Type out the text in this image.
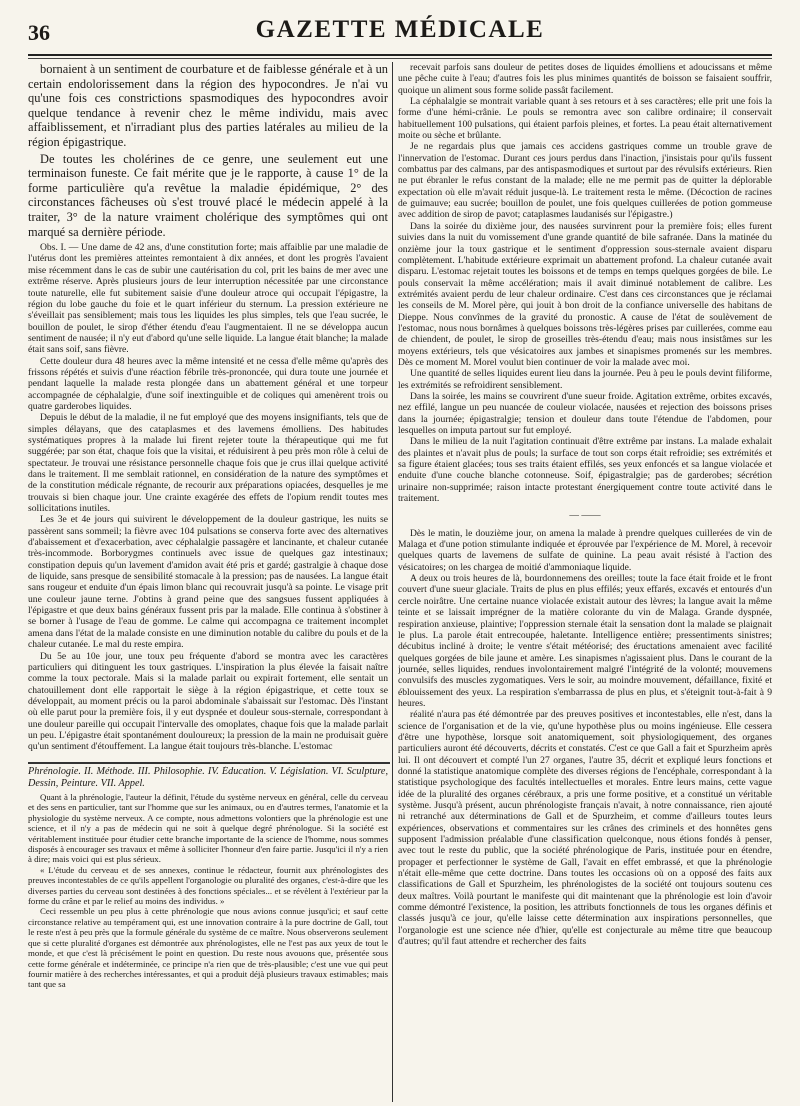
36	GAZETTE MÉDICALE

bornaient à un sentiment de courbature et de faiblesse générale et à un certain endolorissement dans la région des hypocondres. Je n'ai vu qu'une fois ces constrictions spasmodiques des hypocondres avoir quelque tendance à revenir chez le même individu, mais avec affaiblissement, et n'irradiant plus des parties latérales au milieu de la région épigastrique.

De toutes les cholérines de ce genre, une seulement eut une terminaison funeste. Ce fait mérite que je le rapporte, à cause 1° de la forme particulière qu'a revêtue la maladie épidémique, 2° des circonstances fâcheuses où s'est trouvé placé le médecin appelé à la traiter, 3° de la nature vraiment cholérique des symptômes qui ont marqué sa dernière période.

Obs. I. — Une dame de 42 ans, d'une constitution forte; mais affaiblie par une maladie de l'utérus dont les premières atteintes remontaient à dix années, et dont les progrès l'avaient mise récemment dans le cas de subir une cautérisation du col, prit les bains de mer avec une extrême réserve. Après plusieurs jours de leur interruption nécessitée par une circonstance toute naturelle, elle fut subitement saisie d'une douleur atroce qui occupait l'épigastre, la région du lobe gauche du foie et le quart inférieur du sternum. La pression extérieure ne s'éveillait pas sensiblement; mais tous les liquides les plus simples, tels que l'eau sucrée, le bouillon de poulet, le sirop d'éther étendu d'eau l'augmentaient. Il ne se développa aucun sentiment de nausée; il n'y eut d'abord qu'une selle liquide. La langue était blanche; la malade était sans soif, sans fièvre.

Cette douleur dura 48 heures avec la même intensité et ne cessa d'elle même qu'après des frissons répétés et suivis d'une réaction fébrile très-prononcée, qui dura toute une journée et pendant laquelle la malade resta plongée dans un abattement général et une torpeur accompagnée de céphalalgie, d'une soif inextinguible et de coliques qui amenèrent trois ou quatre garderobes liquides.

Depuis le début de la maladie, il ne fut employé que des moyens insignifiants, tels que de simples délayans, que des cataplasmes et des lavemens émolliens. Des habitudes systématiques propres à la malade lui firent rejeter toute la thérapeutique qui me fut suggérée; par son état, chaque fois que la visitai, et réduisirent à peu près mon rôle à celui de spectateur. Je trouvai une résistance personnelle chaque fois que je crus illai quelque activité dans le traitement. Il me semblait rationnel, en considération de la nature des symptômes et de la constitution médicale régnante, de recourir aux préparations opiacées, desquelles je me trouvais si bien chaque jour. Une crainte exagérée des effets de l'opium rendit toutes mes sollicitations inutiles.

Les 3e et 4e jours qui suivirent le développement de la douleur gastrique, les nuits se passèrent sans sommeil; la fièvre avec 104 pulsations se conserva forte avec des alternatives d'abaissement et d'exacerbation, avec céphalalgie passagère et lancinante, et chaleur cutanée très-incommode. Borborygmes continuels avec issue de quelques gaz intestinaux; constipation depuis qu'un lavement d'amidon avait été pris et gardé; gastralgie à chaque dose de liquide, sans presque de sensibilité stomacale à la pression; pas de nausées. La langue était sans rougeur et enduite d'un épais limon blanc qui recouvrait jusqu'à sa pointe. Le visage prit une couleur jaune terne. J'obtins à grand peine que des sangsues fussent appliquées à l'épigastre et que deux bains généraux fussent pris par la malade. Elle continua à s'obstiner à se borner à l'usage de l'eau de gomme. Le calme qui accompagna ce traitement incomplet amena dans l'état de la malade consiste en une diminution notable du calibre du pouls et de la chaleur cutanée. Le mal du reste empira.

Du 5e au 10e jour, une toux peu fréquente d'abord se montra avec les caractères particuliers qui ditinguent les toux gastriques. L'inspiration la plus élevée la faisait naître comme la toux pectorale. Mais si la malade parlait ou expirait fortement, elle sentait un chatouillement dont elle rapportait le siège à la région épigastrique, et cette toux se développait, au moment précis ou la paroi abdominale s'abaissait sur l'estomac. Dès l'instant où elle parut pour la première fois, il y eut dyspnée et douleur sous-sternale, correspondant à une douleur pareille qui occupait l'intervalle des omoplates, chaque fois que la malade parlait un peu. L'épigastre était spontanément douloureux; la pression de la main ne produisait guère qu'un sentiment d'étouffement. La langue était toujours très-blanche. L'estomac

recevait parfois sans douleur de petites doses de liquides émolliens et adoucissans et même une pêche cuite à l'eau; d'autres fois les plus minimes quantités de boisson se faisaient souffrir, quoique un aliment sous forme solide passât facilement.

La céphalalgie se montrait variable quant à ses retours et à ses caractères; elle prit une fois la forme d'une hémi-crânie. Le pouls se remontra avec son calibre ordinaire; il conservait habituellement 100 pulsations, qui étaient parfois pleines, et fortes. La peau était alternativement moite ou sèche et brûlante.

Je ne regardais plus que jamais ces accidens gastriques comme un trouble grave de l'innervation de l'estomac. Durant ces jours perdus dans l'inaction, j'insistais pour qu'ils fussent combattus par des calmans, par des antispasmodiques et surtout par des révulsifs extérieurs. Rien ne put ébranler le refus constant de la malade; elle ne me permit pas de quitter la déplorable expectation où elle m'avait réduit jusque-là. Le traitement resta le même. (Décoction de racines de guimauve; eau sucrée; bouillon de poulet, une fois quelques cuillerées de potion gommeuse avec addition de sirop de pavot; cataplasmes laudanisés sur l'épigastre.)

Dans la soirée du dixième jour, des nausées survinrent pour la première fois; elles furent suivies dans la nuit du vomissement d'une grande quantité de bile safranée. Dans la matinée du onzième jour la toux gastrique et le sentiment d'oppression sous-sternale avaient disparu complètement. L'habitude extérieure exprimait un abattement profond. La chaleur cutanée avait disparu. L'estomac rejetait toutes les boissons et de temps en temps quelques gorgées de bile. Le pouls conservait la même accélération; mais il avait diminué notablement de calibre. Les extrémités avaient perdu de leur chaleur ordinaire. C'est dans ces circonstances que je réclamai les conseils de M. Morel père, qui jouit à bon droit de la confiance universelle des habitans de Dieppe. Nous convînmes de la gravité du pronostic. A cause de l'état de soulèvement de l'estomac, nous nous bornâmes à quelques boissons très-légères prises par cuillerées, comme eau de chiendent, de poulet, le sirop de groseilles très-étendu d'eau; mais nous insistâmes sur les moyens extérieurs, tels que vésicatoires aux jambes et sinapismes promenés sur les membres. Dès ce moment M. Morel voulut bien continuer de voir la malade avec moi.

Une quantité de selles liquides eurent lieu dans la journée. Peu à peu le pouls devint filiforme, les extrémités se refroidirent sensiblement.

Dans la soirée, les mains se couvrirent d'une sueur froide. Agitation extrême, orbites excavés, nez effilé, langue un peu nuancée de couleur violacée, nausées et rejection des boissons prises dans la journée; épigastralgie; tension et douleur dans toute l'étendue de l'abdomen, pour lesquelles on imputa partout sur fut employé.

Dans le milieu de la nuit l'agitation continuait d'être extrême par instans. La malade exhalait des plaintes et n'avait plus de pouls; la surface de tout son corps était refroidie; ses extrémités et sa figure étaient glacées; tous ses traits étaient effilés, ses yeux enfoncés et sa langue violacée et enduite d'une couche blanche cotonneuse. Soif, épigastralgie; pas de garderobes; sécrétion urinaire non-supprimée; raison intacte protestant énergiquement contre toute activité dans le traitement.

— ——

Dès le matin, le douzième jour, on amena la malade à prendre quelques cuillerées de vin de Malaga et d'une potion stimulante indiquée et éprouvée par l'expérience de M. Morel, à recevoir quelques quarts de lavemens de sulfate de quinine. La peau avait résisté à l'action des vésicatoires; on les chargea de moitié d'ammoniaque liquide.

A deux ou trois heures de là, bourdonnemens des oreilles; toute la face était froide et le front couvert d'une sueur glaciale. Traits de plus en plus effilés; yeux effarés, excavés et entourés d'un cercle noirâtre. Une certaine nuance violacée existait autour des lèvres; la langue avait la même teinte et se laissait imprégner de la matière colorante du vin de Malaga. Grande dyspnée, respiration anxieuse, plaintive; l'oppression sternale était la sensation dont la malade se plaignait le plus. La parole était entrecoupée, haletante. Intelligence entière; pressentiments sinistres; décubitus incliné à droite; le ventre s'était météorisé; des éructations amenaient avec facilité quelques gorgées de bile jaune et amère. Les sinapismes n'agissaient plus. Dans le courant de la journée, selles liquides, rendues involontairement malgré l'intégrité de la volonté; mouvemens convulsifs des muscles zygomatiques. Vers le soir, au moindre mouvement, défaillance, fixité et éblouissement des yeux. La respiration s'embarrassa de plus en plus, et s'éteignit tout-à-fait à 9 heures.

réalité n'aura pas été démontrée par des preuves positives et incontestables, elle n'est, dans la science de l'organisation et de la vie, qu'une hypothèse plus ou moins ingénieuse. Elle cessera d'être une hypothèse, lorsque soit anatomiquement, soit physiologiquement, des organes particuliers auront été découverts, décrits et constatés. C'est ce que Gall a fait et Spurzheim après lui. Il ont découvert et compté l'un 27 organes, l'autre 35, décrit et expliqué leurs fonctions et donné la statistique anatomique complète des diverses régions de l'encéphale, correspondant à la statistique psychologique des facultés intellectuelles et morales. Entre leurs mains, cette vague idée de la pluralité des organes cérébraux, a pris une forme positive, et a constitué un véritable système. Jusqu'à présent, aucun phrénologiste français n'avait, à notre connaissance, rien ajouté ni retranché aux déterminations de Gall et de Spurzheim, et comme d'ailleurs toutes leurs expériences, observations et commentaires sur les crânes des criminels et des honnêtes gens supposent l'admission préalable d'une classification quelconque, nous étions fondés à penser, avec tout le reste du public, que la société phrénologique de Paris, instituée pour en étendre, propager et perfectionner le système de Gall, l'avait en effet embrassé, et que la phrénologie n'était elle-même que cette doctrine. Dans toutes les occasions où on a opposé des faits aux classifications de Gall et Spurzheim, les phrénologistes de la société ont toujours soutenu ces deux maîtres. Voilà pourtant le manifeste qui dit maintenant que la phrénologie est loin d'avoir comme démontré l'existence, la position, les attributs fonctionnels de tous les organes définis et classés jusqu'à ce jour, qu'elle laisse cette détermination aux inspirations personnelles, que l'organologie est une science née d'hier, qu'elle est conjecturale au même titre que beaucoup d'autres; qu'il faut attendre et rechercher des faits

Phrénologie. II. Méthode. III. Philosophie. IV. Éducation. V. Législation. VI. Sculpture, Dessin, Peinture. VII. Appel.

Quant à la phrénologie, l'auteur la définit, l'étude du système nerveux en général, celle du cerveau et des sens en particulier, tant sur l'homme que sur les animaux, ou en d'autres termes, l'anatomie et la physiologie du système nerveux. A ce compte, nous admettons volontiers que la phrénologie est une science, et il n'y a pas de médecin qui ne soit à quelque degré phrénologue. Si la société est véritablement instituée pour étudier cette branche importante de la science de l'homme, nous sommes disposés à encourager ses travaux et même à solliciter l'honneur d'en faire partie. Jusqu'ici il n'y a rien à dire; mais voici qui est plus sérieux.

« L'étude du cerveau et de ses annexes, continue le rédacteur, fournit aux phrénologistes des preuves incontestables de ce qu'ils appellent l'organologie ou pluralité des organes, c'est-à-dire que les diverses parties du cerveau sont destinées à des fonctions spéciales... et se révèlent à l'extérieur par la forme du crâne et par le relief au moins des individus. »

Ceci ressemble un peu plus à cette phrénologie que nous avions connue jusqu'ici; et sauf cette circonstance relative au tempérament qui, est une innovation contraire à la pure doctrine de Gall, tout le reste n'est à peu près que la formule générale du système de ce maître. Nous observerons seulement que si cette pluralité d'organes est démontrée aux phrénologistes, elle ne l'est pas aux yeux de tout le monde, et que c'est là précisément le point en question. Du reste nous avouons que, présentée sous cette forme générale et indéterminée, ce principe n'a rien que de très-plausible; c'est une vue qui peut fournir matière à des recherches intéressantes, et qui a produit déjà plusieurs travaux estimables; mais tant que sa
